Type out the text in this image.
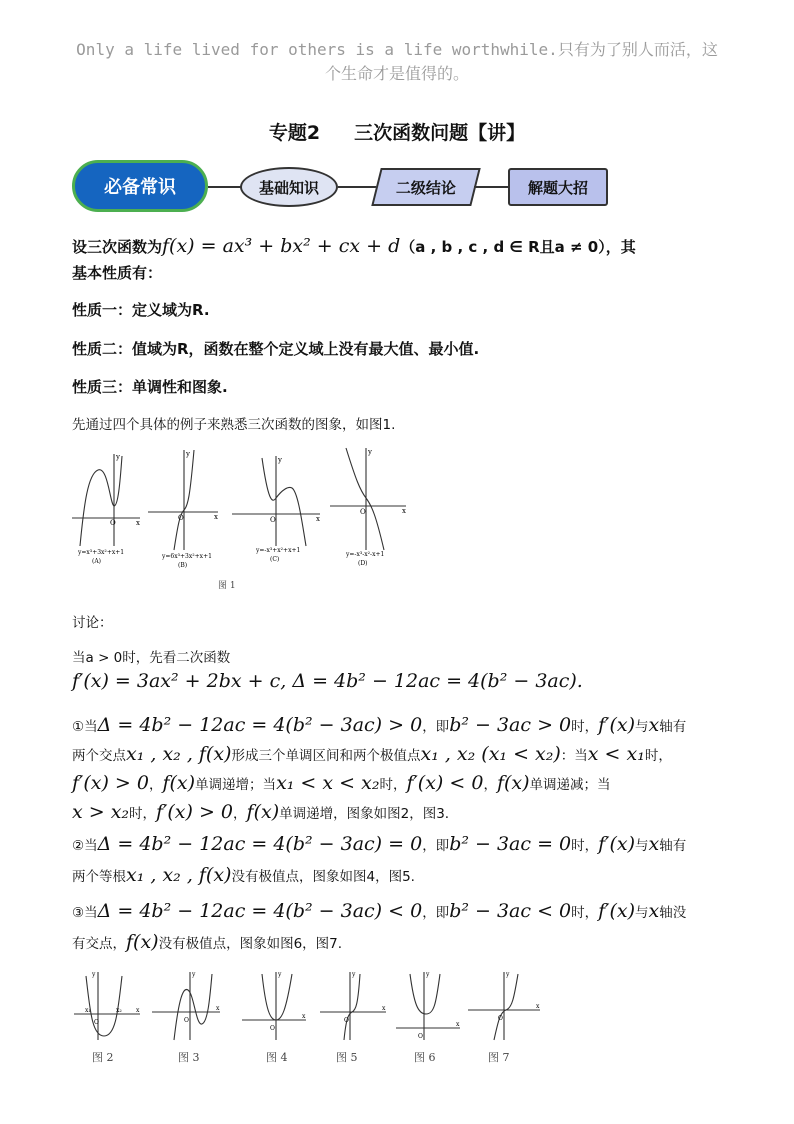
Only a life lived for others is a life worthwhile.只有为了别人而活，这
个生命才是值得的。
专题2 三次函数问题【讲】
必备常识	基础知识	二级结论	解题大招
设三次函数为f(x) = ax³ + bx² + cx + d（a , b , c , d ∈ R且a ≠ 0），其
基本性质有：
性质一：定义域为R.
性质二：值域为R，函数在整个定义域上没有最大值、最小值.
性质三：单调性和图象.
先通过四个具体的例子来熟悉三次函数的图象，如图1.
O	x
y
y=x³+3x²+x+1
(A)
O	x
y
y=6x³+3x²+x+1
(B)
O	x
y
y=-x³+x²+x+1
(C)
O	x
y
y=-x³-x²-x+1
(D)
图 1
讨论：
当a > 0时，先看二次函数
f′(x) = 3ax² + 2bx + c, Δ = 4b² − 12ac = 4(b² − 3ac).
①当Δ = 4b² − 12ac = 4(b² − 3ac) > 0，即b² − 3ac > 0时，f′(x)与x轴有
两个交点x₁ , x₂ , f(x)形成三个单调区间和两个极值点x₁ , x₂ (x₁ < x₂)：当x < x₁时，
f′(x) > 0，f(x)单调递增；当x₁ < x < x₂时，f′(x) < 0，f(x)单调递减；当
x > x₂时，f′(x) > 0，f(x)单调递增，图象如图2，图3.
②当Δ = 4b² − 12ac = 4(b² − 3ac) = 0，即b² − 3ac = 0时，f′(x)与x轴有
两个等根x₁ , x₂ , f(x)没有极值点，图象如图4，图5.
③当Δ = 4b² − 12ac = 4(b² − 3ac) < 0，即b² − 3ac < 0时，f′(x)与x轴没
有交点，f(x)没有极值点，图象如图6，图7.
O
x₁	x₂ x
y
图 2
O
x
y
图 3
O
x
y
图 4
O
x
y
图 5
O
x
y
图 6
O
x
y
图 7
